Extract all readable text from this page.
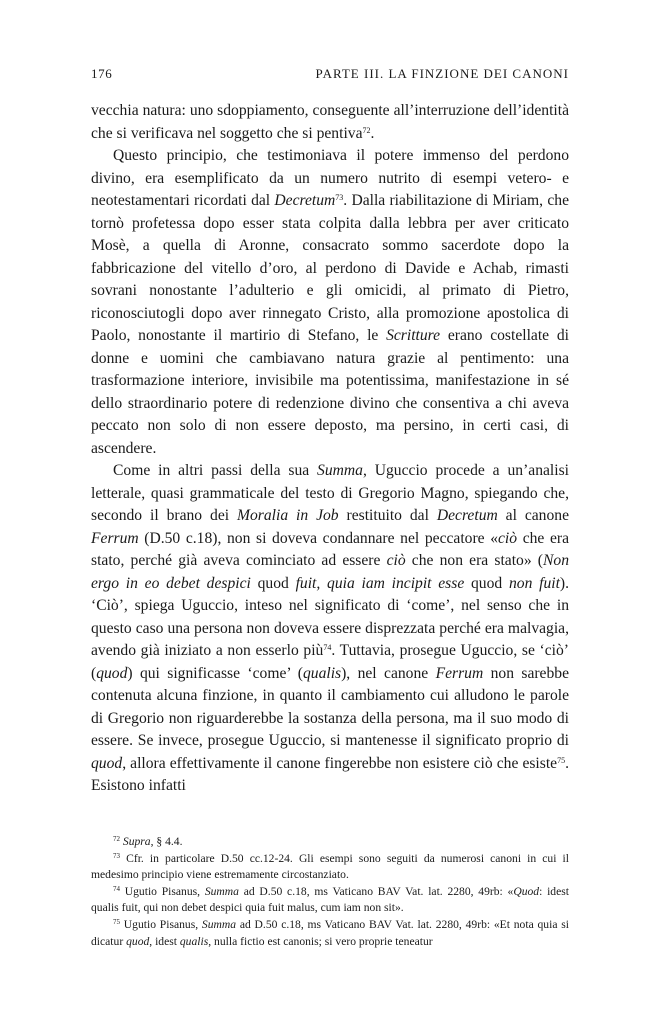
176	PARTE III. LA FINZIONE DEI CANONI

vecchia natura: uno sdoppiamento, conseguente all’interruzione dell’identità che si verificava nel soggetto che si pentiva$^{72}$.

Questo principio, che testimoniava il potere immenso del perdono divino, era esemplificato da un numero nutrito di esempi vetero- e neotestamentari ricordati dal Decretum$^{73}$. Dalla riabilitazione di Miriam, che tornò profetessa dopo esser stata colpita dalla lebbra per aver criticato Mosè, a quella di Aronne, consacrato sommo sacerdote dopo la fabbricazione del vitello d’oro, al perdono di Davide e Achab, rimasti sovrani nonostante l’adulterio e gli omicidi, al primato di Pietro, riconosciutogli dopo aver rinnegato Cristo, alla promozione apostolica di Paolo, nonostante il martirio di Stefano, le Scritture erano costellate di donne e uomini che cambiavano natura grazie al pentimento: una trasformazione interiore, invisibile ma potentissima, manifestazione in sé dello straordinario potere di redenzione divino che consentiva a chi aveva peccato non solo di non essere deposto, ma persino, in certi casi, di ascendere.

Come in altri passi della sua Summa, Uguccio procede a un’analisi letterale, quasi grammaticale del testo di Gregorio Magno, spiegando che, secondo il brano dei Moralia in Job restituito dal Decretum al canone Ferrum (D.50 c.18), non si doveva condannare nel peccatore «ciò che era stato, perché già aveva cominciato ad essere ciò che non era stato» (Non ergo in eo debet despici quod fuit, quia iam incipit esse quod non fuit). ‘Ciò’, spiega Uguccio, inteso nel significato di ‘come’, nel senso che in questo caso una persona non doveva essere disprezzata perché era malvagia, avendo già iniziato a non esserlo più$^{74}$. Tuttavia, prosegue Uguccio, se ‘ciò’ (quod) qui significasse ‘come’ (qualis), nel canone Ferrum non sarebbe contenuta alcuna finzione, in quanto il cambiamento cui alludono le parole di Gregorio non riguarderebbe la sostanza della persona, ma il suo modo di essere. Se invece, prosegue Uguccio, si mantenesse il significato proprio di quod, allora effettivamente il canone fingerebbe non esistere ciò che esiste$^{75}$. Esistono infatti

$^{72}$ Supra, § 4.4.

$^{73}$ Cfr. in particolare D.50 cc.12-24. Gli esempi sono seguiti da numerosi canoni in cui il medesimo principio viene estremamente circostanziato.

$^{74}$ Ugutio Pisanus, Summa ad D.50 c.18, ms Vaticano BAV Vat. lat. 2280, 49rb: «Quod: idest qualis fuit, qui non debet despici quia fuit malus, cum iam non sit».

$^{75}$ Ugutio Pisanus, Summa ad D.50 c.18, ms Vaticano BAV Vat. lat. 2280, 49rb: «Et nota quia si dicatur quod, idest qualis, nulla fictio est canonis; si vero proprie teneatur
